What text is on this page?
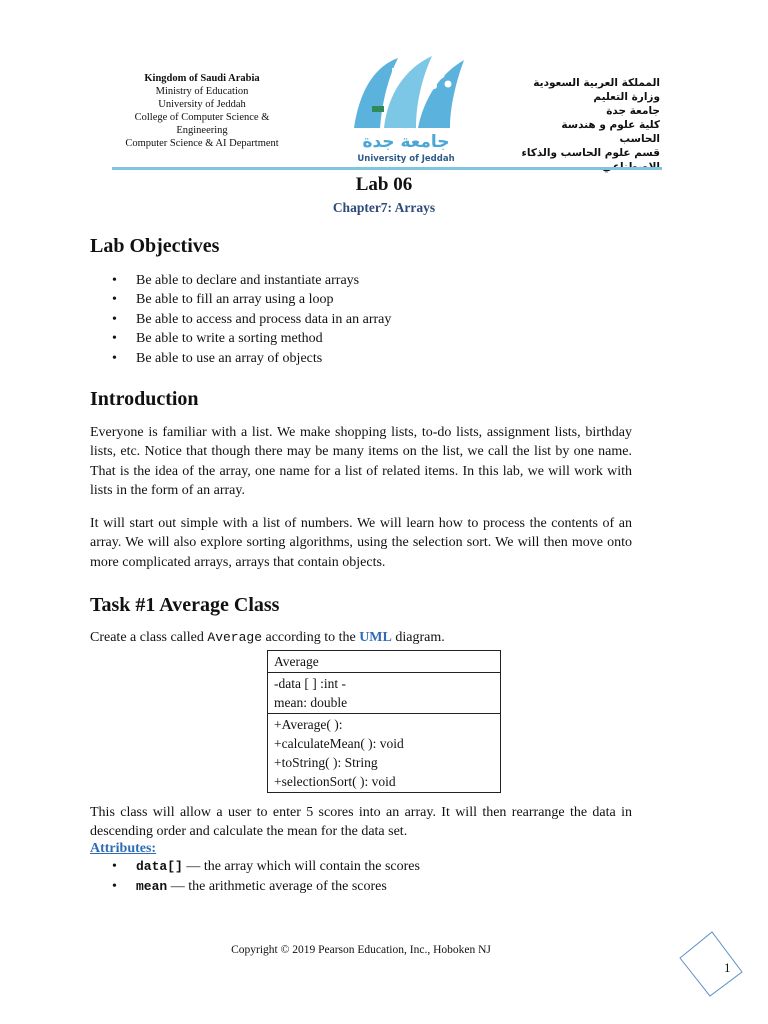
Kingdom of Saudi Arabia
Ministry of Education
University of Jeddah
College of Computer Science &
Engineering
Computer Science & AI Department	جامعة جدة
University of Jeddah
المملكة العربية السعودية
وزارة التعليم
جامعة جدة
كلية علوم و هندسة الحاسب
قسم علوم الحاسب والذكاء
Lab 06
Chapter7: Arrays
Lab Objectives
• Be able to declare and instantiate arrays
• Be able to fill an array using a loop
• Be able to access and process data in an array
• Be able to write a sorting method
• Be able to use an array of objects
Introduction
Everyone is familiar with a list. We make shopping lists, to-do lists, assignment lists, birthday lists, etc. Notice that though there may be many items on the list, we call the list by one name. That is the idea of the array, one name for a list of related items. In this lab, we will work with lists in the form of an array.
It will start out simple with a list of numbers. We will learn how to process the contents of an array. We will also explore sorting algorithms, using the selection sort. We will then move onto more complicated arrays, arrays that contain objects.
Task #1 Average Class
Create a class called Average according to the UML diagram.
Average
-data [ ] :int -
mean: double
+Average( ):
+calculateMean( ): void
+toString( ): String
+selectionSort( ): void
This class will allow a user to enter 5 scores into an array. It will then rearrange the data in descending order and calculate the mean for the data set.
Attributes:
• data[] — the array which will contain the scores
• mean — the arithmetic average of the scores
Copyright © 2019 Pearson Education, Inc., Hoboken NJ
1
